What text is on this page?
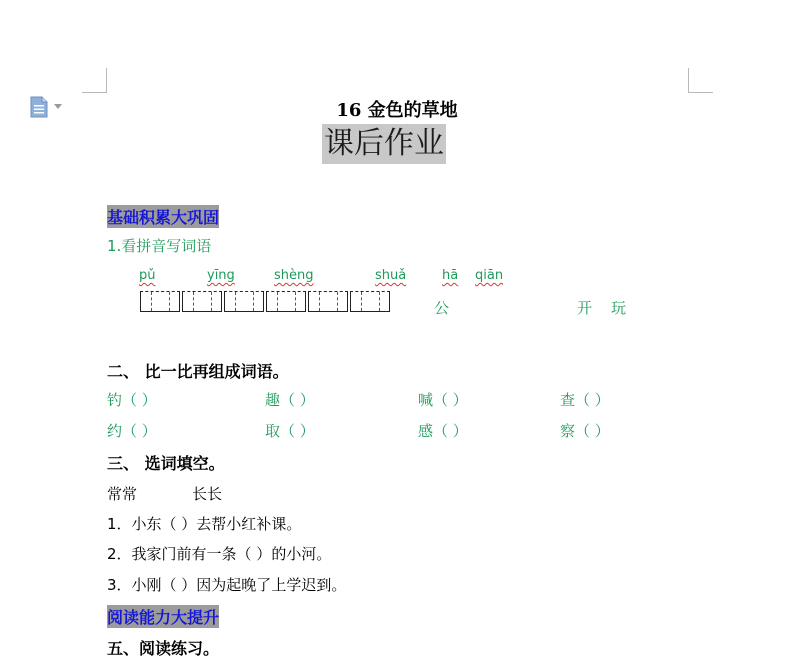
16 金色的草地
课后作业
基础积累大巩固
1.看拼音写词语
pǔ	yīng	shèng	shuǎ	hā qiān
公	开 玩
二、 比一比再组成词语。
钓（ ）	趣（ ）	喊（ ）	查（ ）
约（ ）	取（ ）	感（ ）	察（ ）
三、 选词填空。
常常	长长
1．小东（ ）去帮小红补课。
2．我家门前有一条（ ）的小河。
3．小刚（ ）因为起晚了上学迟到。
阅读能力大提升
五、阅读练习。
